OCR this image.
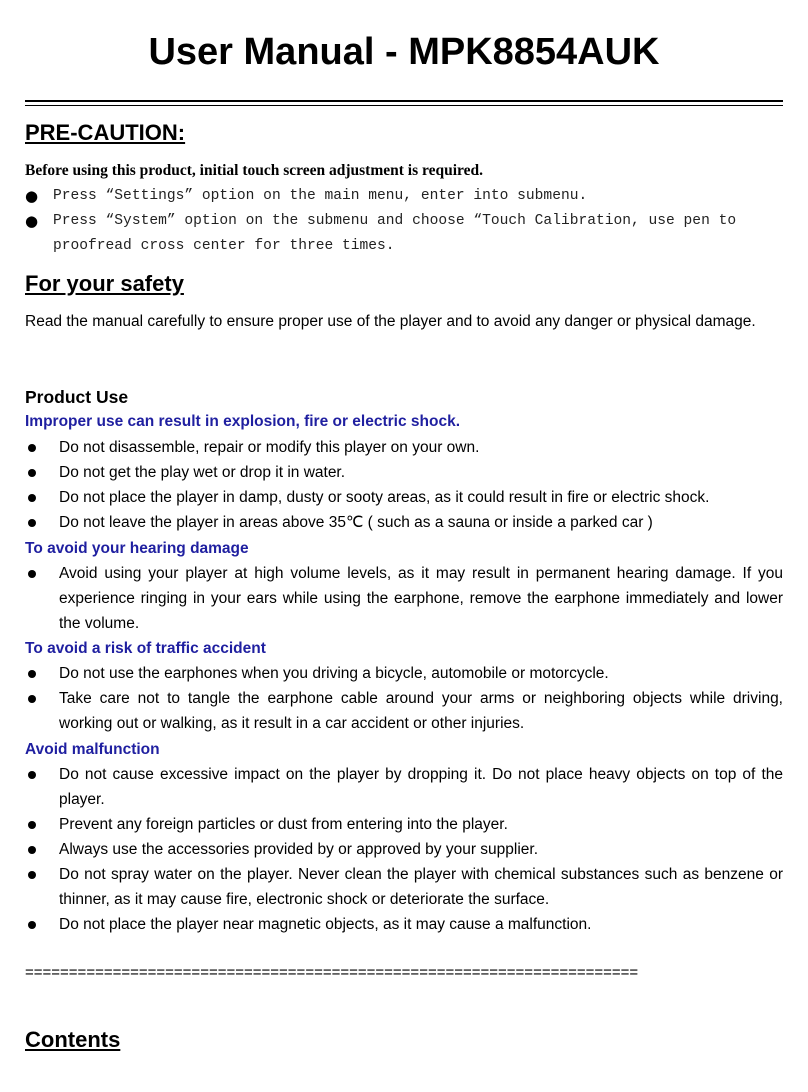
User Manual - MPK8854AUK
PRE-CAUTION:
Before using this product, initial touch screen adjustment is required.
●	Press “Settings” option on the main menu, enter into submenu.
●	Press “System” option on the submenu and choose “Touch Calibration, use pen to proofread cross center for three times.
For your safety
Read the manual carefully to ensure proper use of the player and to avoid any danger or physical damage.
Product Use
Improper use can result in explosion, fire or electric shock.
Do not disassemble, repair or modify this player on your own.
Do not get the play wet or drop it in water.
Do not place the player in damp, dusty or sooty areas, as it could result in fire or electric shock.
Do not leave the player in areas above 35℃ ( such as a sauna or inside a parked car )
To avoid your hearing damage
Avoid using your player at high volume levels, as it may result in permanent hearing damage. If you experience ringing in your ears while using the earphone, remove the earphone immediately and lower the volume.
To avoid a risk of traffic accident
Do not use the earphones when you driving a bicycle, automobile or motorcycle.
Take care not to tangle the earphone cable around your arms or neighboring objects while driving, working out or walking, as it result in a car accident or other injuries.
Avoid malfunction
Do not cause excessive impact on the player by dropping it. Do not place heavy objects on top of the player.
Prevent any foreign particles or dust from entering into the player.
Always use the accessories provided by or approved by your supplier.
Do not spray water on the player. Never clean the player with chemical substances such as benzene or thinner, as it may cause fire, electronic shock or deteriorate the surface.
Do not place the player near magnetic objects, as it may cause a malfunction.
======================================================================
Contents
